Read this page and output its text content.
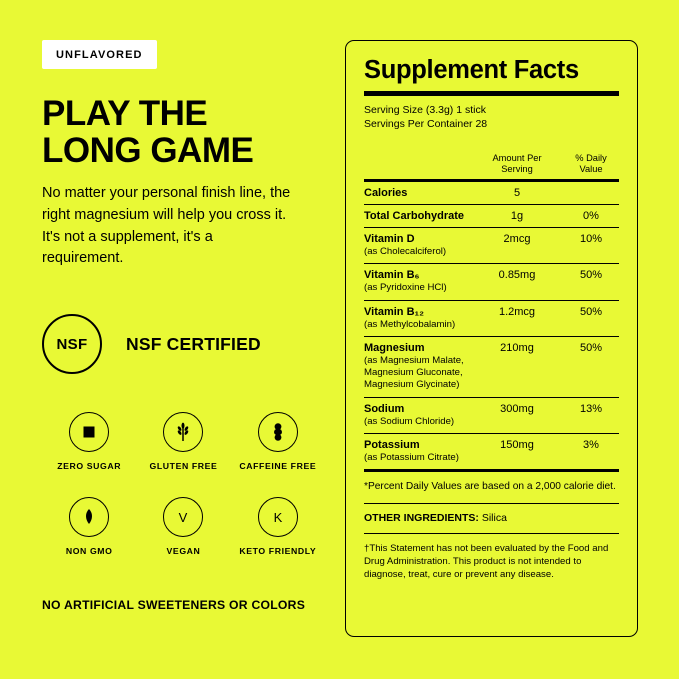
UNFLAVORED
PLAY THE
LONG GAME
No matter your personal finish line, the right magnesium will help you cross it. It's not a supplement, it's a requirement.
NSF NSF CERTIFIED
ZERO SUGAR	GLUTEN FREE	CAFFEINE FREE
NON GMO
V
VEGAN
K
KETO FRIENDLY
NO ARTIFICIAL SWEETENERS OR COLORS
Supplement Facts
Serving Size (3.3g) 1 stick
Servings Per Container 28
Amount Per
Serving
% Daily
Value
Calories	5	
Total Carbohydrate	1g	0%
Vitamin D
(as Cholecalciferol)	2mcg	10%
Vitamin B₆
(as Pyridoxine HCl)	0.85mg	50%
Vitamin B₁₂
(as Methylcobalamin)	1.2mcg	50%
Magnesium
(as Magnesium Malate, Magnesium Gluconate, Magnesium Glycinate)	210mg	50%
Sodium
(as Sodium Chloride)	300mg	13%
Potassium
(as Potassium Citrate)	150mg	3%
*Percent Daily Values are based on a 2,000 calorie diet.
OTHER INGREDIENTS: Silica
†This Statement has not been evaluated by the Food and Drug Administration. This product is not intended to diagnose, treat, cure or prevent any disease.
